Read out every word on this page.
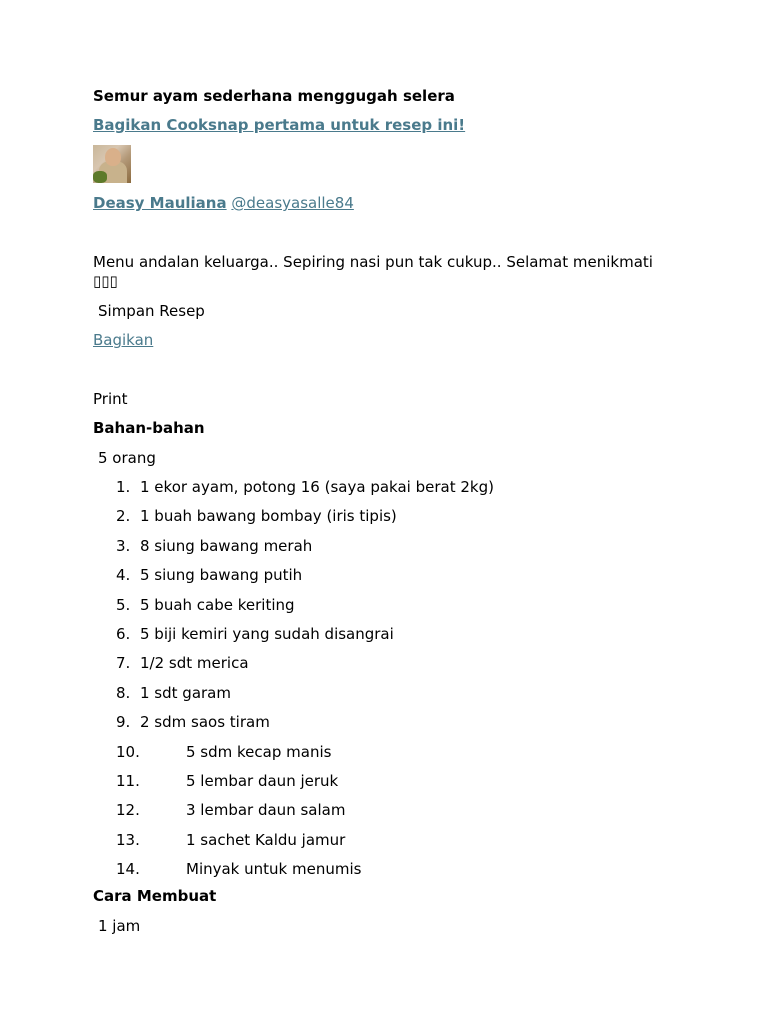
Semur ayam sederhana menggugah selera
Bagikan Cooksnap pertama untuk resep ini!
Deasy Mauliana @deasyasalle84
Menu andalan keluarga.. Sepiring nasi pun tak cukup.. Selamat menikmati
▯▯▯
Simpan Resep
Bagikan
Print
Bahan-bahan
5 orang
1. 1 ekor ayam, potong 16 (saya pakai berat 2kg)
2. 1 buah bawang bombay (iris tipis)
3. 8 siung bawang merah
4. 5 siung bawang putih
5. 5 buah cabe keriting
6. 5 biji kemiri yang sudah disangrai
7. 1/2 sdt merica
8. 1 sdt garam
9. 2 sdm saos tiram
10.	5 sdm kecap manis
11.	5 lembar daun jeruk
12.	3 lembar daun salam
13.	1 sachet Kaldu jamur
14.	Minyak untuk menumis
Cara Membuat
1 jam
